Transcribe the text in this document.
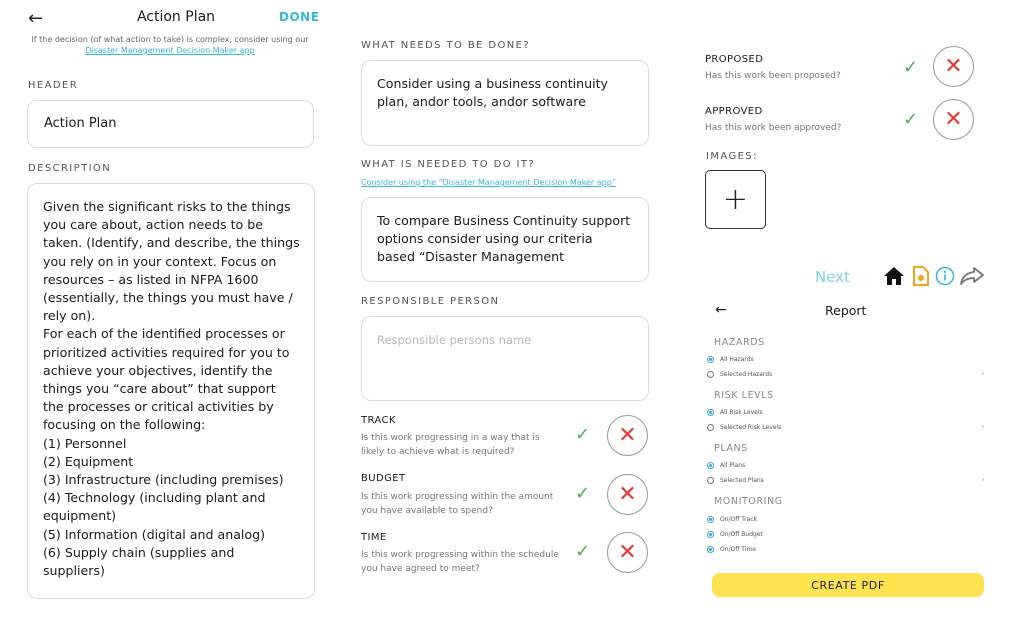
←	Action Plan	DONE
If the decision (of what action to take) is complex, consider using our Disaster Management Decision Maker app
HEADER
Action Plan
DESCRIPTION

Given the significant risks to the things you care about, action needs to be taken. (Identify, and describe, the things you rely on in your context. Focus on resources – as listed in NFPA 1600 (essentially, the things you must have / rely on).
For each of the identified processes or prioritized activities required for you to achieve your objectives, identify the things you “care about” that support the processes or critical activities by focusing on the following:
(1) Personnel
(2) Equipment
(3) Infrastructure (including premises)
(4) Technology (including plant and equipment)
(5) Information (digital and analog)
(6) Supply chain (supplies and suppliers)

WHAT NEEDS TO BE DONE?
Consider using a business continuity plan, andor tools, andor software
WHAT IS NEEDED TO DO IT?
Consider using the “Disaster Management Decision Maker app”
To compare Business Continuity support options consider using our criteria based “Disaster Management
RESPONSIBLE PERSON
Responsible persons name
TRACK
Is this work progressing in a way that is likely to achieve what is required?
✓ ✕
BUDGET
Is this work progressing within the amount you have available to spend?
✓ ✕
TIME
Is this work progressing within the schedule you have agreed to meet?
✓ ✕
PROPOSED
Has this work been proposed?	✓ ✕
APPROVED
Has this work been approved?	✓ ✕
IMAGES:
+
Next
←	Report
HAZARDS
All Hazards
Selected Hazards	›
RISK LEVLS
All Risk Levels
Selected Risk Levels	›
PLANS
All Plans
Selected Plans	›
MONITORING
On/Off Track
On/Off Budget
On/Off Time
CREATE PDF
